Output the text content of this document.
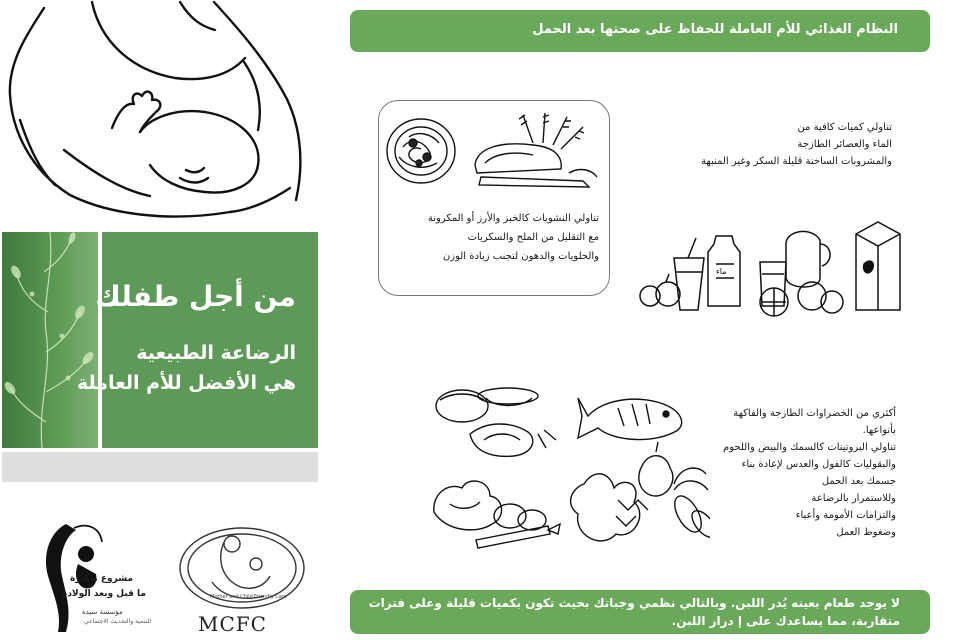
من أجل طفلك
الرضاعة الطبيعية
هي الأفضل للأم العاملة
مشروع مبادرة
ما قبل وبعد الولادة
مؤسسة سيدة
للتنمية والتحديث الاجتماعي
Mother and Child Friendly Care
MCFC
النظام الغذائي للأم العاملة للحفاظ على صحتها بعد الحمل
تناولي النشويات كالخبز والأرز أو المكرونة
مع التقليل من الملح والسكريات
والحلويات والدهون لتجنب زيادة الوزن
تناولي كميات كافية من
الماء والعصائر الطازجة
والمشروبات الساخنة قليلة السكر وغير المنبهة
ماء
أكثري من الخضراوات الطازجة والفاكهة
بأنواعها.
تناولي البروتينات كالسمك والبيض واللحوم
والبقوليات كالفول والعدس لإعادة بناء
جسمك بعد الحمل
وللاستمرار بالرضاعة
والتزامات الأمومة وأعباء
وضغوط العمل
لا يوجد طعام بعينه يُدر اللبن. وبالتالي نظمي وجباتك بحيث تكون بكميات قليلة وعلى فترات
متقاربة، مما يساعدك على إ درار اللبن.
